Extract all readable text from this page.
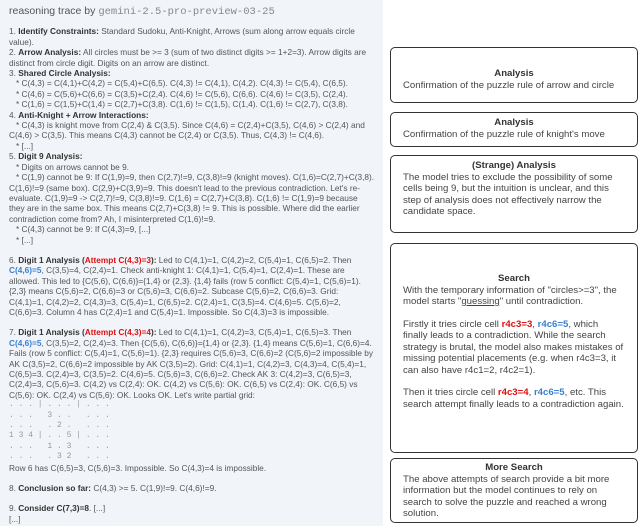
reasoning trace by gemini-2.5-pro-preview-03-25
1. Identify Constraints: Standard Sudoku, Anti-Knight, Arrows (sum along arrow equals circle value).
2. Arrow Analysis: All circles must be >= 3 (sum of two distinct digits >= 1+2=3). Arrow digits are distinct from circle digit. Digits on an arrow are distinct.
3. Shared Circle Analysis:
* C(4,3) = C(4,1)+C(4,2) = C(5,4)+C(6,5). C(4,3) != C(4,1), C(4,2). C(4,3) != C(5,4), C(6,5).
* C(4,6) = C(5,6)+C(6,6) = C(3,5)+C(2,4). C(4,6) != C(5,6), C(6,6). C(4,6) != C(3,5), C(2,4).
* C(1,6) = C(1,5)+C(1,4) = C(2,7)+C(3,8). C(1,6) != C(1,5), C(1,4). C(1,6) != C(2,7), C(3,8).
4. Anti-Knight + Arrow Interactions:
* C(4,3) is knight move from C(2,4) & C(3,5). Since C(4,6) = C(2,4)+C(3,5), C(4,6) > C(2,4) and C(4,6) > C(3,5). This means C(4,3) cannot be C(2,4) or C(3,5). Thus, C(4,3) != C(4,6).
* [...]
5. Digit 9 Analysis:
* Digits on arrows cannot be 9.
* C(1,9) cannot be 9: If C(1,9)=9, then C(2,7)!=9, C(3,8)!=9 (knight moves). C(1,6)=C(2,7)+C(3,8). C(1,6)!=9 (same box). C(2,9)+C(3,9)=9. This doesn't lead to the previous contradiction. Let's re-evaluate. C(1,9)=9 -> C(2,7)!=9, C(3,8)!=9. C(1,6) = C(2,7)+C(3,8). C(1,6) != C(1,9)=9 because they are in the same box. This means C(2,7)+C(3,8) != 9. This is possible. Where did the earlier contradiction come from? Ah, I misinterpreted C(1,6)!=9.
* C(4,3) cannot be 9: If C(4,3)=9, [...]
* [...]
6. Digit 1 Analysis (Attempt C(4,3)=3): Led to C(4,1)=1, C(4,2)=2, C(5,4)=1, C(6,5)=2. Then C(4,6)=5, C(3,5)=4, C(2,4)=1. Check anti-knight 1: C(4,1)=1, C(5,4)=1, C(2,4)=1. These are allowed. This led to {C(5,6), C(6,6)}={1,4} or {2,3}. {1,4} fails (row 5 conflict: C(5,4)=1, C(5,6)=1). {2,3} means C(5,6)=2, C(6,6)=3 or C(5,6)=3, C(6,6)=2. Subcase C(5,6)=2, C(6,6)=3. Grid: C(4,1)=1, C(4,2)=2, C(4,3)=3, C(5,4)=1, C(6,5)=2. C(2,4)=1, C(3,5)=4. C(4,6)=5. C(5,6)=2, C(6,6)=3. Column 4 has C(2,4)=1 and C(5,4)=1. Impossible. So C(4,3)=3 is impossible.
7. Digit 1 Analysis (Attempt C(4,3)=4): Led to C(4,1)=1, C(4,2)=3, C(5,4)=1, C(6,5)=3. Then C(4,6)=5, C(3,5)=2, C(2,4)=3. Then {C(5,6), C(6,6)}={1,4} or {2,3}. {1,4} means C(5,6)=1, C(6,6)=4. Fails (row 5 conflict: C(5,4)=1, C(5,6)=1). {2,3} requires C(5,6)=3, C(6,6)=2 (C(5,6)=2 impossible by AK C(3,5)=2, C(6,6)=2 impossible by AK C(3,5)=2). Grid: C(4,1)=1, C(4,2)=3, C(4,3)=4, C(5,4)=1, C(6,5)=3. C(2,4)=3, C(3,5)=2. C(4,6)=5. C(5,6)=3, C(6,6)=2. Check AK 3: C(4,2)=3, C(6,5)=3, C(2,4)=3, C(5,6)=3. C(4,2) vs C(2,4): OK. C(4,2) vs C(5,6): OK. C(6,5) vs C(2,4): OK. C(6,5) vs C(5,6): OK. C(2,4) vs C(5,6): OK. Looks OK. Let's write partial grid:
. . . | . . . | . . .
. . .   3 . .   . . .
. . .   . 2 .   . . .
1 3 4 | . . 5 | . . .
. . .   1 . 3   . . .
. . .   . 3 2   . . .
Row 6 has C(6,5)=3, C(5,6)=3. Impossible. So C(4,3)=4 is impossible.
8. Conclusion so far: C(4,3) >= 5. C(1,9)!=9. C(4,6)!=9.
9. Consider C(7,3)=8. [...]
[...]
Analysis
Confirmation of the puzzle rule of arrow and circle
Analysis
Confirmation of the puzzle rule of knight's move
(Strange) Analysis
The model tries to exclude the possibility of some cells being 9, but the intuition is unclear, and this step of analysis does not effectively narrow the candidate space.
Search
With the temporary information of "circles>=3", the model starts "guessing" until contradiction.
Firstly it tries circle cell r4c3=3, r4c6=5, which finally leads to a contradiction. While the search strategy is brutal, the model also makes mistakes of missing potential placements (e.g. when r4c3=3, it can also have r4c1=2, r4c2=1).
Then it tries circle cell r4c3=4, r4c6=5, etc. This search attempt finally leads to a contradiction again.
More Search
The above attempts of search provide a bit more information but the model continues to rely on search to solve the puzzle and reached a wrong solution.
